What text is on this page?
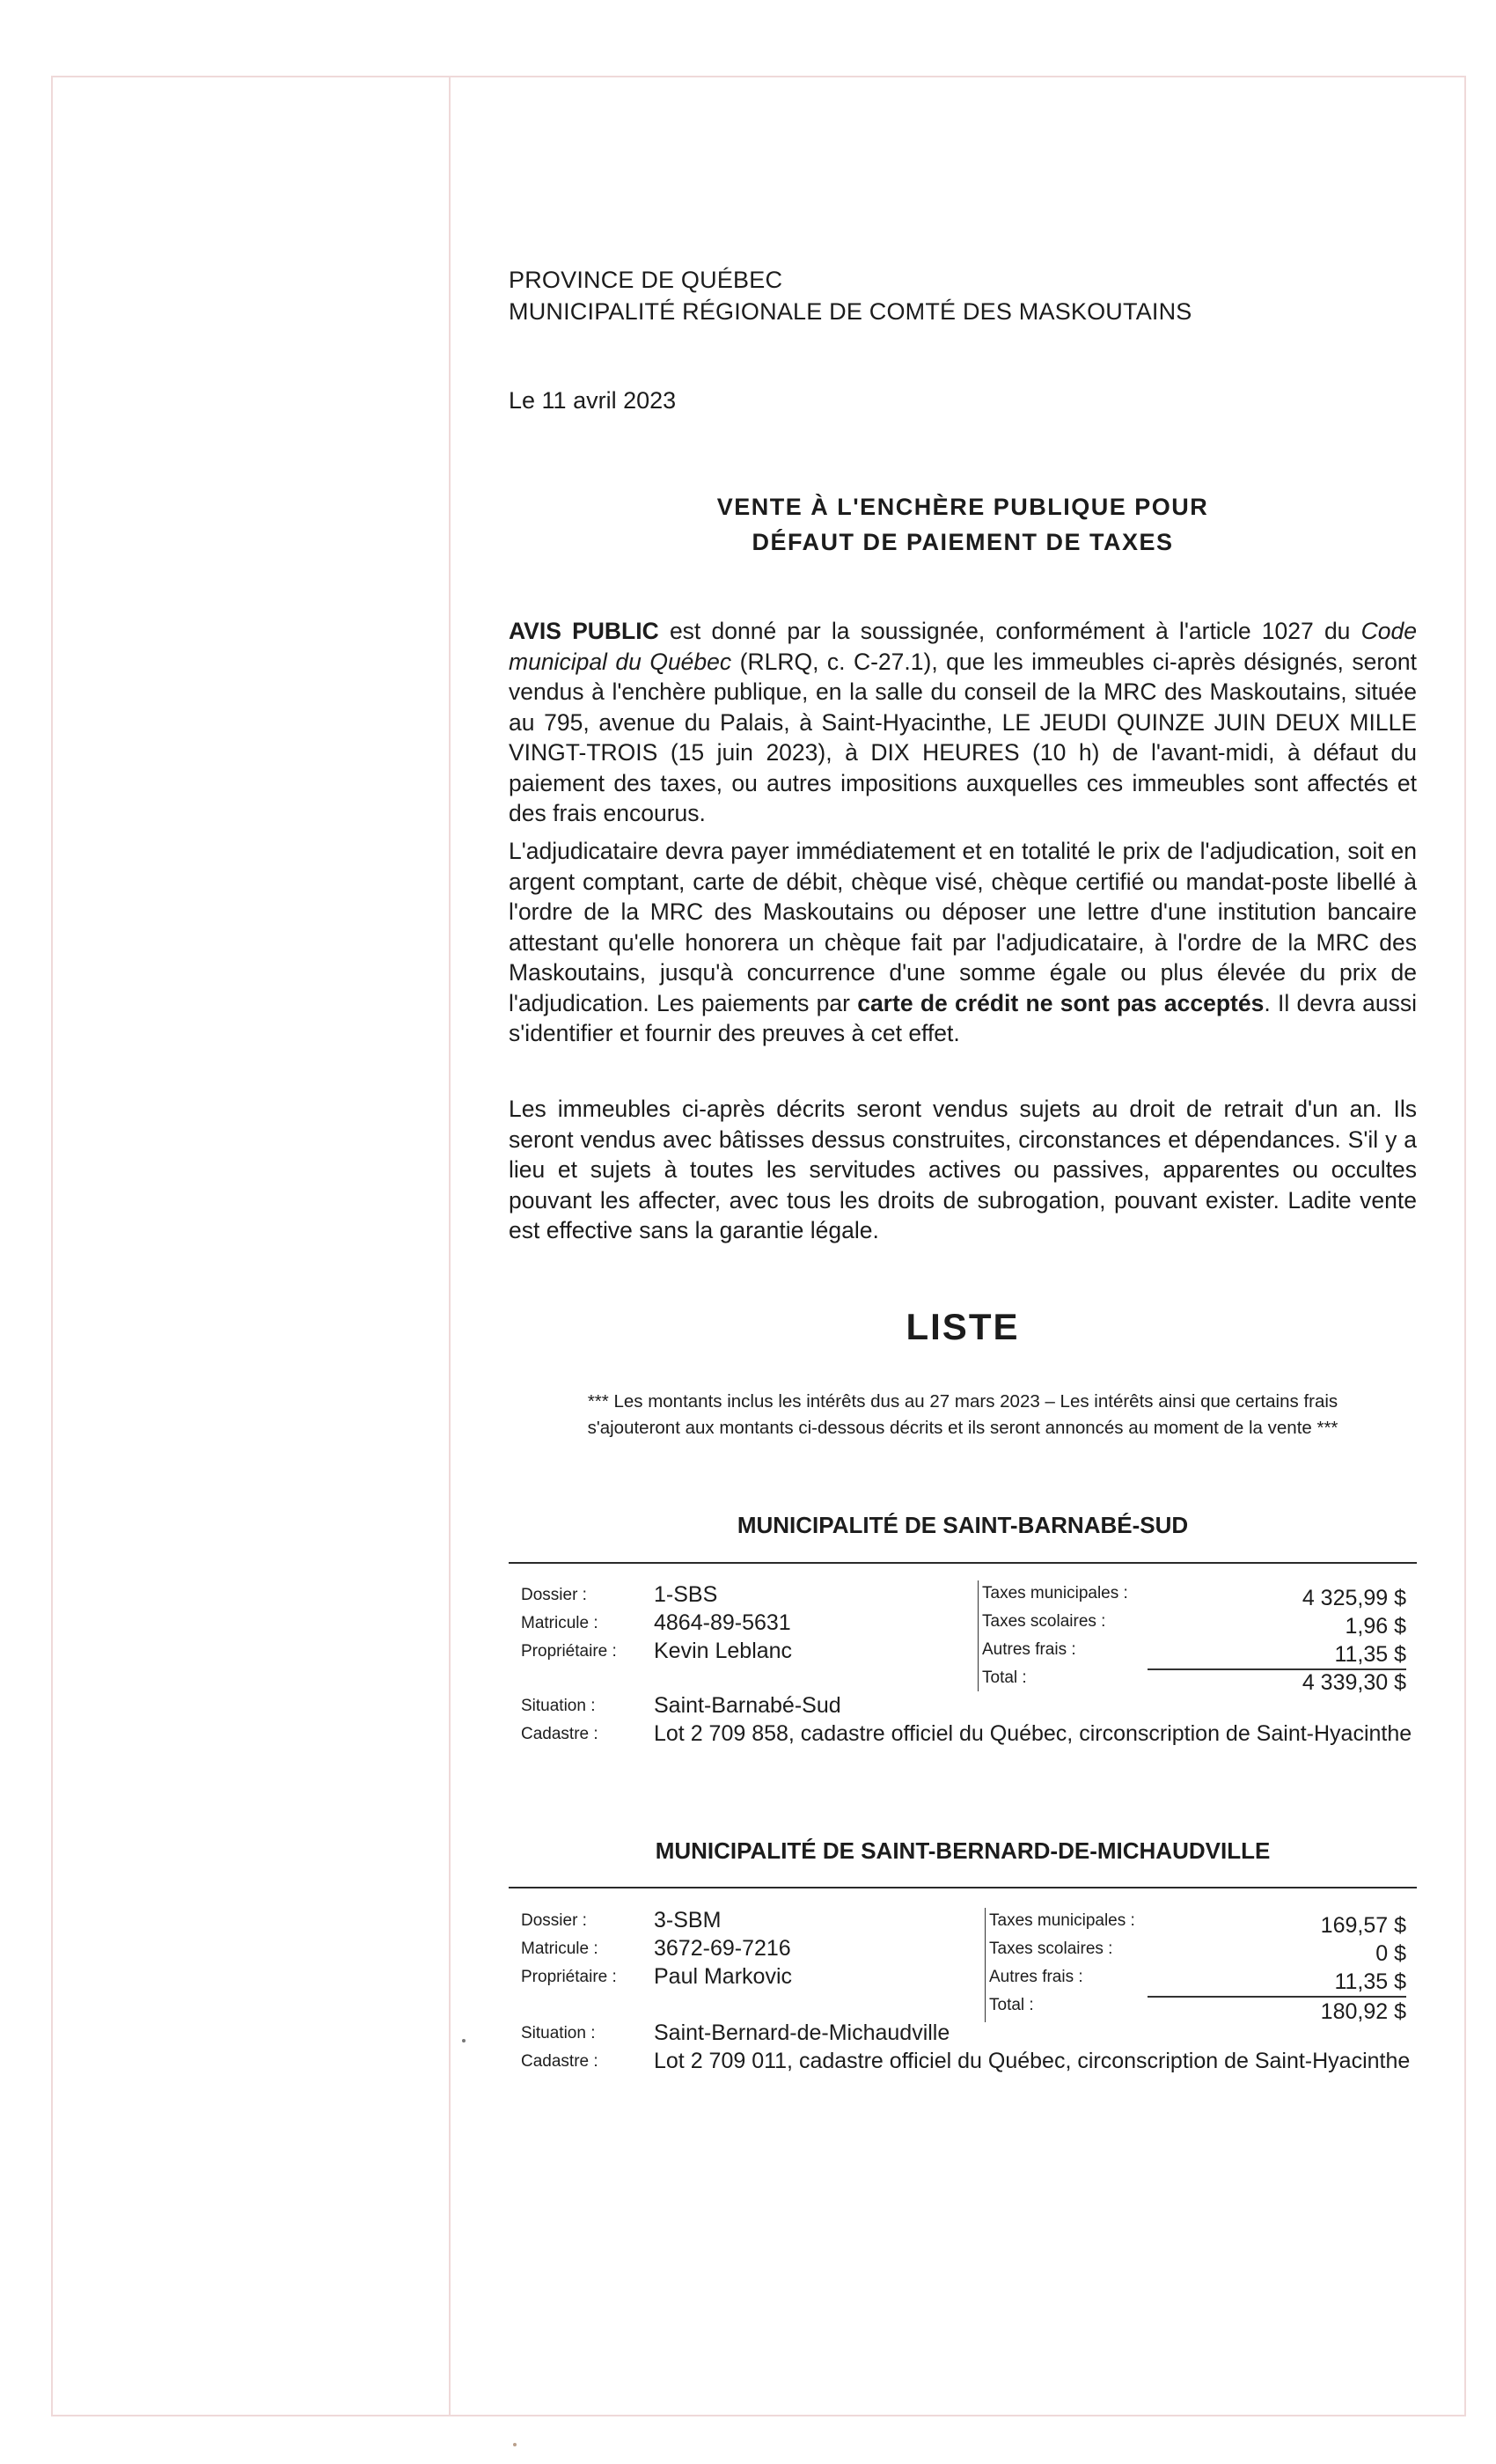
PROVINCE DE QUÉBEC

MUNICIPALITÉ RÉGIONALE DE COMTÉ DES MASKOUTAINS

Le 11 avril 2023
VENTE À L'ENCHÈRE PUBLIQUE POUR
DÉFAUT DE PAIEMENT DE TAXES

AVIS PUBLIC est donné par la soussignée, conformément à l'article 1027 du Code municipal du Québec (RLRQ, c. C-27.1), que les immeubles ci-après désignés, seront vendus à l'enchère publique, en la salle du conseil de la MRC des Maskoutains, située au 795, avenue du Palais, à Saint-Hyacinthe, LE JEUDI QUINZE JUIN DEUX MILLE VINGT-TROIS (15 juin 2023), à DIX HEURES (10 h) de l'avant-midi, à défaut du paiement des taxes, ou autres impositions auxquelles ces immeubles sont affectés et des frais encourus.

L'adjudicataire devra payer immédiatement et en totalité le prix de l'adjudication, soit en argent comptant, carte de débit, chèque visé, chèque certifié ou mandat-poste libellé à l'ordre de la MRC des Maskoutains ou déposer une lettre d'une institution bancaire attestant qu'elle honorera un chèque fait par l'adjudicataire, à l'ordre de la MRC des Maskoutains, jusqu'à concurrence d'une somme égale ou plus élevée du prix de l'adjudication. Les paiements par carte de crédit ne sont pas acceptés. Il devra aussi s'identifier et fournir des preuves à cet effet.

Les immeubles ci-après décrits seront vendus sujets au droit de retrait d'un an. Ils seront vendus avec bâtisses dessus construites, circonstances et dépendances. S'il y a lieu et sujets à toutes les servitudes actives ou passives, apparentes ou occultes pouvant les affecter, avec tous les droits de subrogation, pouvant exister. Ladite vente est effective sans la garantie légale.

LISTE
*** Les montants inclus les intérêts dus au 27 mars 2023 – Les intérêts ainsi que certains frais
s'ajouteront aux montants ci-dessous décrits et ils seront annoncés au moment de la vente ***
MUNICIPALITÉ DE SAINT-BARNABÉ-SUD
Dossier :	1-SBS
Matricule :	4864-89-5631
Propriétaire : Kevin Leblanc
Situation :	Saint-Barnabé-Sud
Cadastre :	Lot 2 709 858, cadastre officiel du Québec, circonscription de Saint-Hyacinthe
Taxes municipales :	4 325,99 $
Taxes scolaires :	1,96 $
Autres frais :	11,35 $
Total :	4 339,30 $
MUNICIPALITÉ DE SAINT-BERNARD-DE-MICHAUDVILLE
Dossier :	3-SBM
Matricule :	3672-69-7216
Propriétaire : Paul Markovic
Situation :	Saint-Bernard-de-Michaudville
Cadastre :	Lot 2 709 011, cadastre officiel du Québec, circonscription de Saint-Hyacinthe
Taxes municipales :	169,57 $
Taxes scolaires :	0 $
Autres frais :	11,35 $
Total :	180,92 $
